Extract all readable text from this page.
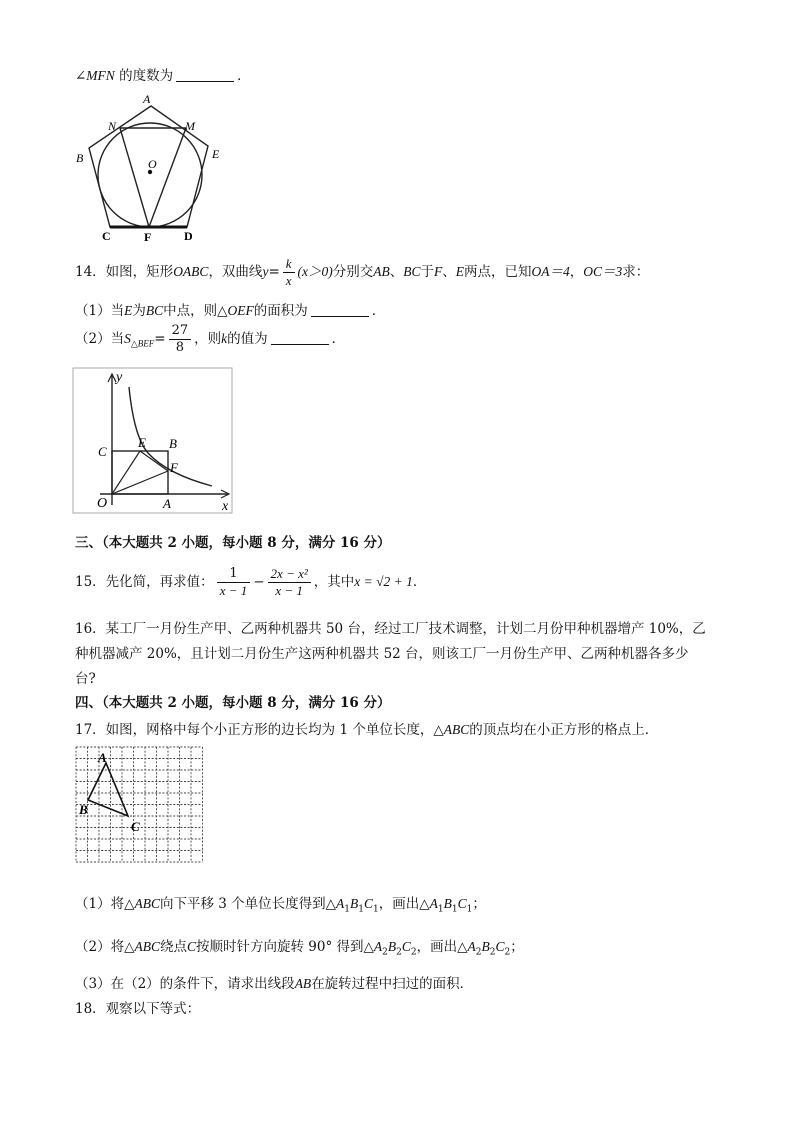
∠MFN 的度数为	．
A
N	M
B	E
O
C	F	D
14．如图，矩形OABC，双曲线$y= \frac{k}{x} (x>0)$分别交AB、BC于F、E两点，已知OA＝4，OC＝3求：
（1）当E为BC中点，则△OEF的面积为	．
（2）当$S_{\triangle BEF}= \frac{27}{8}$ ，则k的值为	．
y
C
E B
F
O	A	x
三、（本大题共 2 小题，每小题 8 分，满分 16 分）
15．先化简，再求值： $\frac{1}{x - 1} - \frac{\text{2x − x²}}{x - 1}$ ，其中x = √2 + 1．
16．某工厂一月份生产甲、乙两种机器共 50 台，经过工厂技术调整，计划二月份甲种机器增产 10%，乙
种机器减产 20%，且计划二月份生产这两种机器共 52 台，则该工厂一月份生产甲、乙两种机器各多少
台?
四、（本大题共 2 小题，每小题 8 分，满分 16 分）
17．如图，网格中每个小正方形的边长均为 1 个单位长度，△ABC的顶点均在小正方形的格点上．
A
B
C
（1）将△ABC向下平移 3 个单位长度得到$\triangle A_1B_1C_1$，画出$\triangle A_1B_1C_1$；
（2）将△ABC绕点C按顺时针方向旋转 90° 得到$\triangle A_2B_2C_2$，画出$\triangle A_2B_2C_2$；
（3）在（2）的条件下，请求出线段AB在旋转过程中扫过的面积．
18．观察以下等式：
